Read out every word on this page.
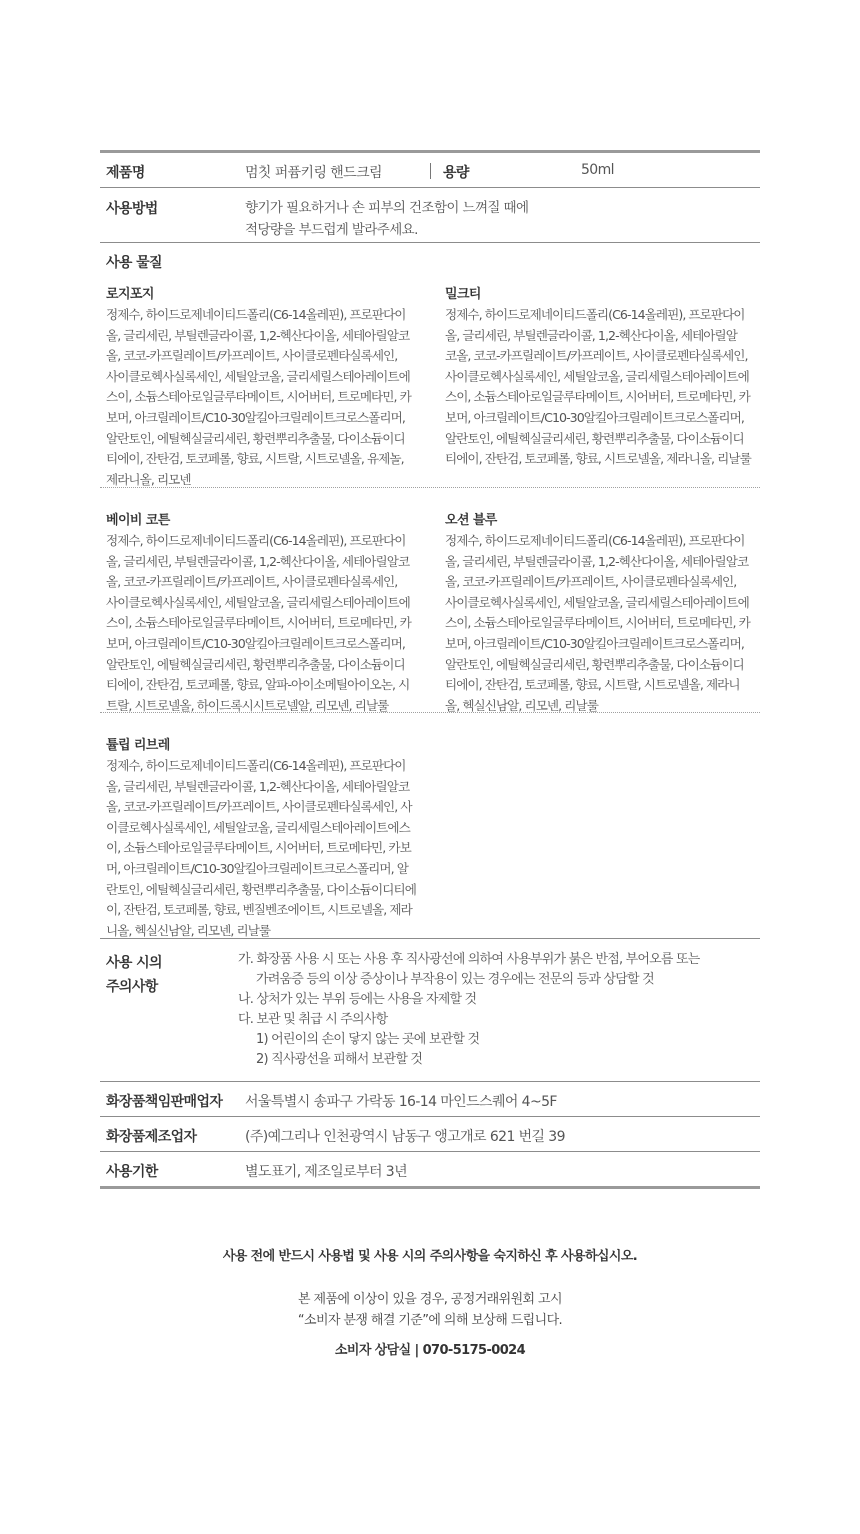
제품명	멈칫 퍼퓸키링 핸드크림	용량	50ml
사용방법	향기가 필요하거나 손 피부의 건조함이 느껴질 때에
적당량을 부드럽게 발라주세요.
사용 물질
로지포지
정제수, 하이드로제네이티드폴리(C6-14올레핀), 프로판다이
올, 글리세린, 부틸렌글라이콜, 1,2-헥산다이올, 세테아릴알코
올, 코코-카프릴레이트/카프레이트, 사이클로펜타실록세인,
사이클로헥사실록세인, 세틸알코올, 글리세릴스테아레이트에
스이, 소듐스테아로일글루타메이트, 시어버터, 트로메타민, 카
보머, 아크릴레이트/C10-30알킬아크릴레이트크로스폴리머,
알란토인, 에틸헥실글리세린, 황련뿌리추출물, 다이소듐이디
티에이, 잔탄검, 토코페롤, 향료, 시트랄, 시트로넬올, 유제놀,
제라니올, 리모넨
밀크티
정제수, 하이드로제네이티드폴리(C6-14올레핀), 프로판다이
올, 글리세린, 부틸렌글라이콜, 1,2-헥산다이올, 세테아릴알
코올, 코코-카프릴레이트/카프레이트, 사이클로펜타실록세인,
사이클로헥사실록세인, 세틸알코올, 글리세릴스테아레이트에
스이, 소듐스테아로일글루타메이트, 시어버터, 트로메타민, 카
보머, 아크릴레이트/C10-30알킬아크릴레이트크로스폴리머,
알란토인, 에틸헥실글리세린, 황련뿌리추출물, 다이소듐이디
티에이, 잔탄검, 토코페롤, 향료, 시트로넬올, 제라니올, 리날룰
베이비 코튼
정제수, 하이드로제네이티드폴리(C6-14올레핀), 프로판다이
올, 글리세린, 부틸렌글라이콜, 1,2-헥산다이올, 세테아릴알코
올, 코코-카프릴레이트/카프레이트, 사이클로펜타실록세인,
사이클로헥사실록세인, 세틸알코올, 글리세릴스테아레이트에
스이, 소듐스테아로일글루타메이트, 시어버터, 트로메타민, 카
보머, 아크릴레이트/C10-30알킬아크릴레이트크로스폴리머,
알란토인, 에틸헥실글리세린, 황련뿌리추출물, 다이소듐이디
티에이, 잔탄검, 토코페롤, 향료, 알파-아이소메틸아이오논, 시
트랄, 시트로넬올, 하이드록시시트로넬알, 리모넨, 리날룰
오션 블루
정제수, 하이드로제네이티드폴리(C6-14올레핀), 프로판다이
올, 글리세린, 부틸렌글라이콜, 1,2-헥산다이올, 세테아릴알코
올, 코코-카프릴레이트/카프레이트, 사이클로펜타실록세인,
사이클로헥사실록세인, 세틸알코올, 글리세릴스테아레이트에
스이, 소듐스테아로일글루타메이트, 시어버터, 트로메타민, 카
보머, 아크릴레이트/C10-30알킬아크릴레이트크로스폴리머,
알란토인, 에틸헥실글리세린, 황련뿌리추출물, 다이소듐이디
티에이, 잔탄검, 토코페롤, 향료, 시트랄, 시트로넬올, 제라니
올, 헥실신남알, 리모넨, 리날룰
튤립 리브레
정제수, 하이드로제네이티드폴리(C6-14올레핀), 프로판다이
올, 글리세린, 부틸렌글라이콜, 1,2-헥산다이올, 세테아릴알코
올, 코코-카프릴레이트/카프레이트, 사이클로펜타실록세인, 사
이클로헥사실록세인, 세틸알코올, 글리세릴스테아레이트에스
이, 소듐스테아로일글루타메이트, 시어버터, 트로메타민, 카보
머, 아크릴레이트/C10-30알킬아크릴레이트크로스폴리머, 알
란토인, 에틸헥실글리세린, 황련뿌리추출물, 다이소듐이디티에
이, 잔탄검, 토코페롤, 향료, 벤질벤조에이트, 시트로넬올, 제라
니올, 헥실신남알, 리모넨, 리날룰
사용 시의
주의사항
가. 화장품 사용 시 또는 사용 후 직사광선에 의하여 사용부위가 붉은 반점, 부어오름 또는
가려움증 등의 이상 증상이나 부작용이 있는 경우에는 전문의 등과 상담할 것
나. 상처가 있는 부위 등에는 사용을 자제할 것
다. 보관 및 취급 시 주의사항
1) 어린이의 손이 닿지 않는 곳에 보관할 것
2) 직사광선을 피해서 보관할 것
화장품책임판매업자 서울특별시 송파구 가락동 16-14 마인드스퀘어 4~5F
화장품제조업자	(주)예그리나 인천광역시 남동구 앵고개로 621 번길 39
사용기한	별도표기, 제조일로부터 3년
사용 전에 반드시 사용법 및 사용 시의 주의사항을 숙지하신 후 사용하십시오.
본 제품에 이상이 있을 경우, 공정거래위원회 고시
“소비자 분쟁 해결 기준”에 의해 보상해 드립니다.
소비자 상담실 | 070-5175-0024
